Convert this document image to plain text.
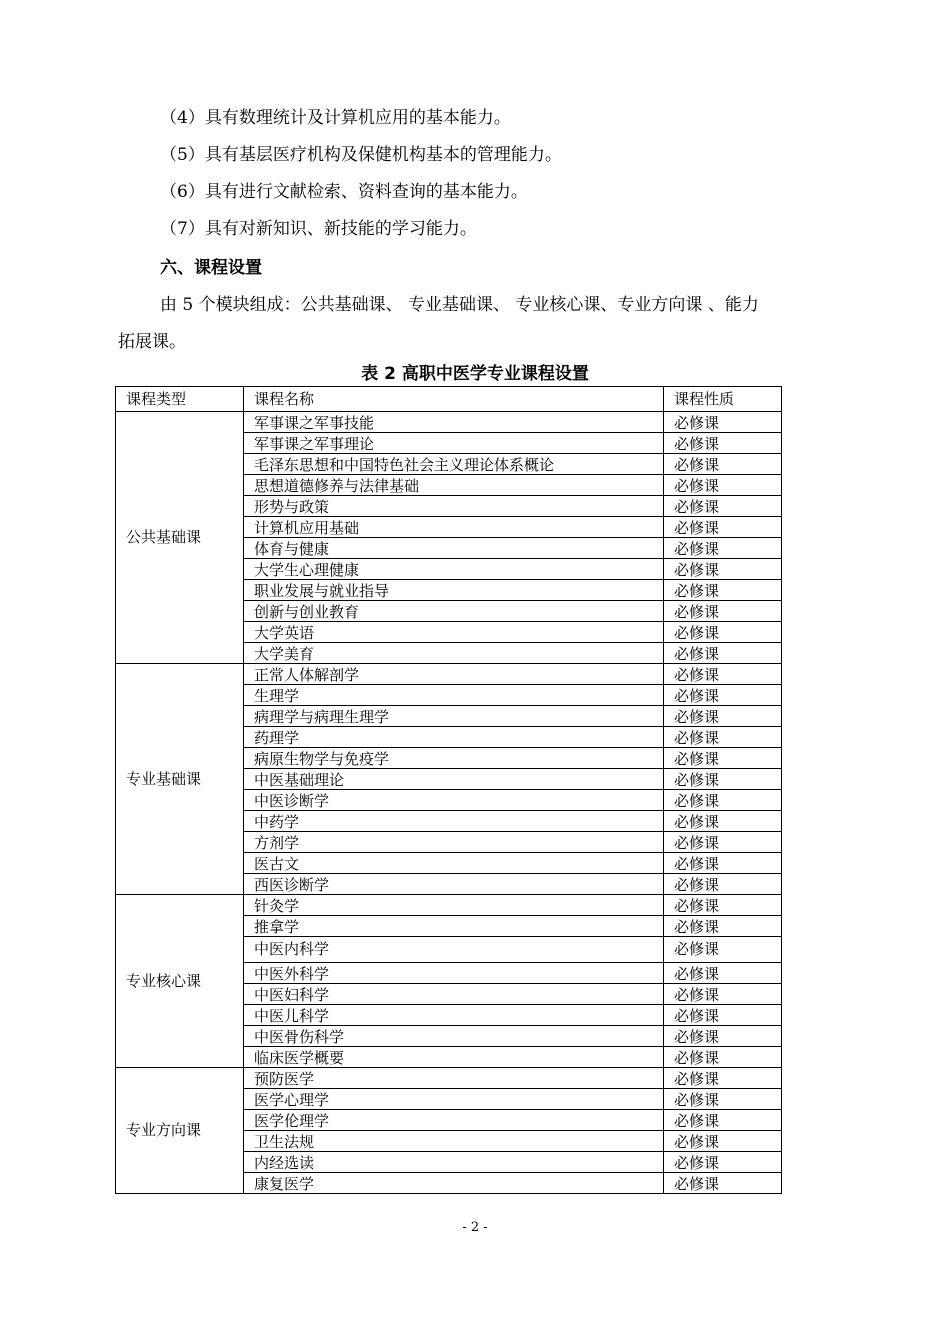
（4）具有数理统计及计算机应用的基本能力。

（5）具有基层医疗机构及保健机构基本的管理能力。

（6）具有进行文献检索、资料查询的基本能力。

（7）具有对新知识、新技能的学习能力。

六、课程设置

由 5 个模块组成：公共基础课、 专业基础课、 专业核心课、专业方向课 、能力

拓展课。

表 2 高职中医学专业课程设置

课程类型	课程名称	课程性质
公共基础课	军事课之军事技能	必修课
	军事课之军事理论	必修课
	毛泽东思想和中国特色社会主义理论体系概论	必修课
	思想道德修养与法律基础	必修课
	形势与政策	必修课
	计算机应用基础	必修课
	体育与健康	必修课
	大学生心理健康	必修课
	职业发展与就业指导	必修课
	创新与创业教育	必修课
	大学英语	必修课
	大学美育	必修课
专业基础课	正常人体解剖学	必修课
	生理学	必修课
	病理学与病理生理学	必修课
	药理学	必修课
	病原生物学与免疫学	必修课
	中医基础理论	必修课
	中医诊断学	必修课
	中药学	必修课
	方剂学	必修课
	医古文	必修课
	西医诊断学	必修课
专业核心课	针灸学	必修课
	推拿学	必修课
	中医内科学	必修课
	中医外科学	必修课
	中医妇科学	必修课
	中医儿科学	必修课
	中医骨伤科学	必修课
	临床医学概要	必修课
专业方向课	预防医学	必修课
	医学心理学	必修课
	医学伦理学	必修课
	卫生法规	必修课
	内经选读	必修课
	康复医学	必修课

- 2 -
